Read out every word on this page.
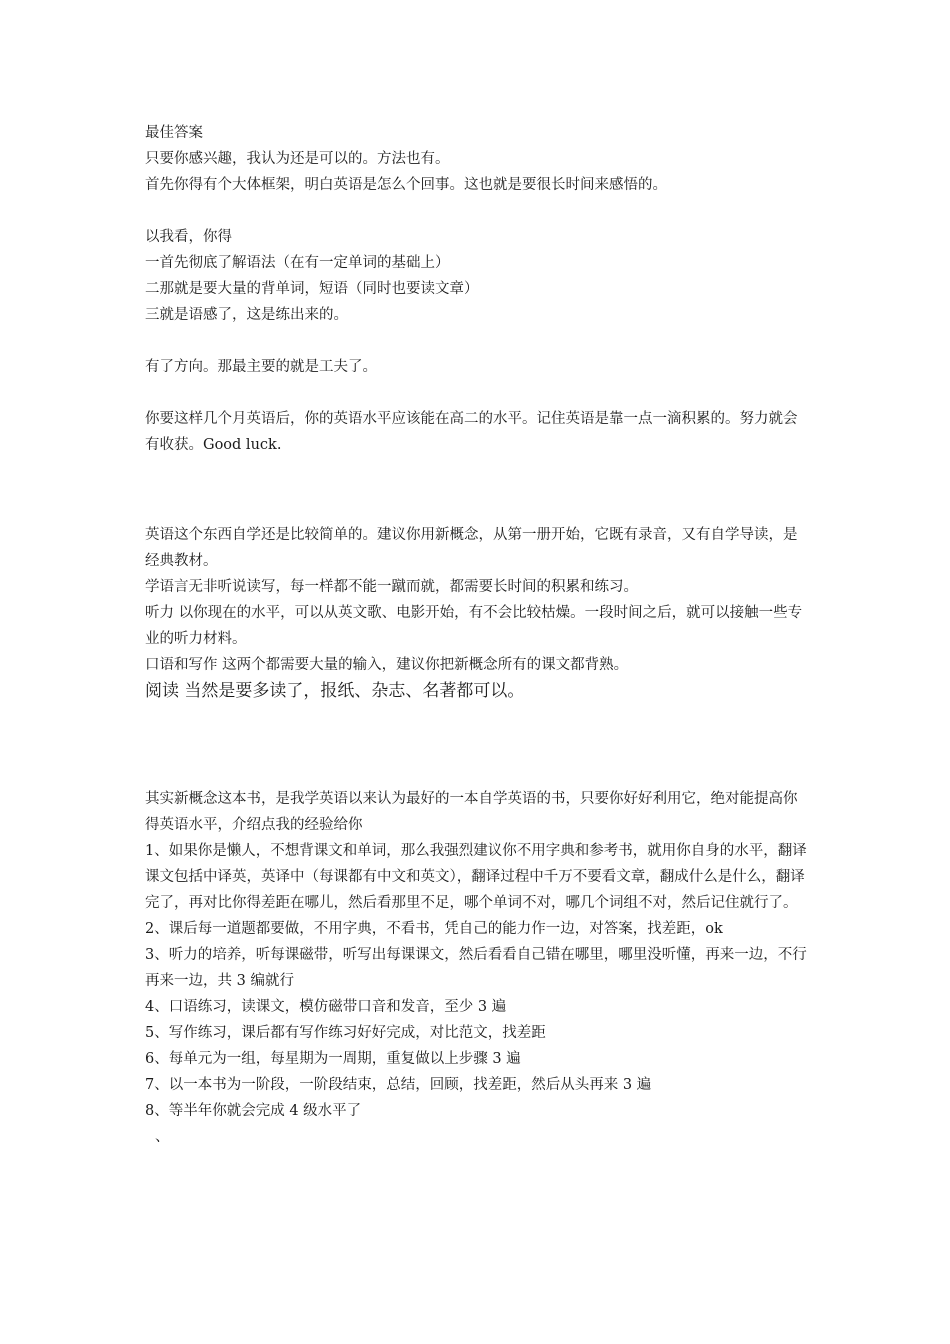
最佳答案

只要你感兴趣，我认为还是可以的。方法也有。

首先你得有个大体框架，明白英语是怎么个回事。这也就是要很长时间来感悟的。

以我看，你得

一首先彻底了解语法（在有一定单词的基础上）

二那就是要大量的背单词，短语（同时也要读文章）

三就是语感了，这是练出来的。

有了方向。那最主要的就是工夫了。

你要这样几个月英语后，你的英语水平应该能在高二的水平。记住英语是靠一点一滴积累的。努力就会有收获。Good luck.

英语这个东西自学还是比较简单的。建议你用新概念，从第一册开始，它既有录音，又有自学导读，是经典教材。

学语言无非听说读写，每一样都不能一蹴而就，都需要长时间的积累和练习。

听力 以你现在的水平，可以从英文歌、电影开始，有不会比较枯燥。一段时间之后，就可以接触一些专业的听力材料。

口语和写作 这两个都需要大量的输入，建议你把新概念所有的课文都背熟。

阅读 当然是要多读了，报纸、杂志、名著都可以。

其实新概念这本书，是我学英语以来认为最好的一本自学英语的书，只要你好好利用它，绝对能提高你得英语水平，介绍点我的经验给你

1、如果你是懒人，不想背课文和单词，那么我强烈建议你不用字典和参考书，就用你自身的水平，翻译课文包括中译英，英译中（每课都有中文和英文），翻译过程中千万不要看文章，翻成什么是什么，翻译完了，再对比你得差距在哪儿，然后看那里不足，哪个单词不对，哪几个词组不对，然后记住就行了。

2、课后每一道题都要做，不用字典，不看书，凭自己的能力作一边，对答案，找差距，ok

3、听力的培养，听每课磁带，听写出每课课文，然后看看自己错在哪里，哪里没听懂，再来一边，不行再来一边，共 3 编就行

4、口语练习，读课文，模仿磁带口音和发音，至少 3 遍

5、写作练习，课后都有写作练习好好完成，对比范文，找差距

6、每单元为一组，每星期为一周期，重复做以上步骤 3 遍

7、以一本书为一阶段，一阶段结束，总结，回顾，找差距，然后从头再来 3 遍

8、等半年你就会完成 4 级水平了

、
